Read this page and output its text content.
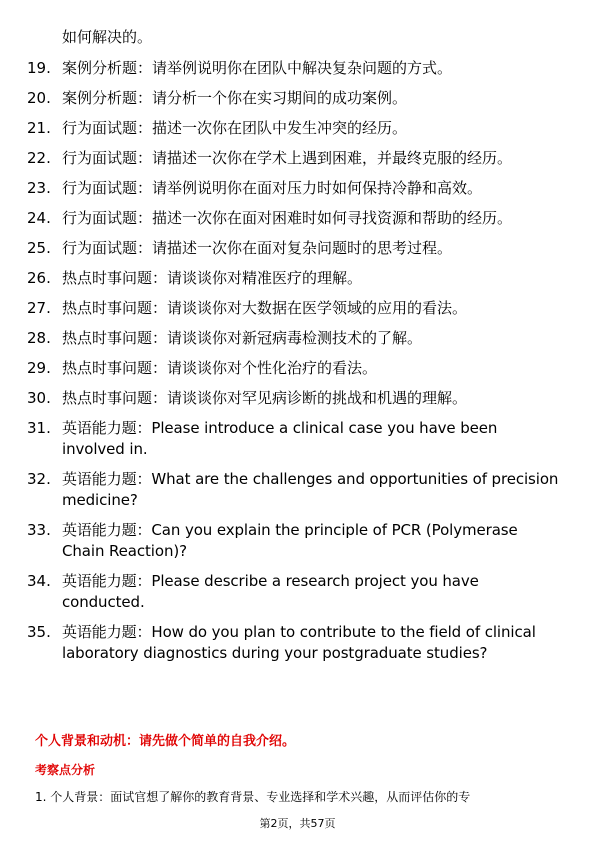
如何解决的。
19. 案例分析题：请举例说明你在团队中解决复杂问题的方式。
20. 案例分析题：请分析一个你在实习期间的成功案例。
21. 行为面试题：描述一次你在团队中发生冲突的经历。
22. 行为面试题：请描述一次你在学术上遇到困难，并最终克服的经历。
23. 行为面试题：请举例说明你在面对压力时如何保持冷静和高效。
24. 行为面试题：描述一次你在面对困难时如何寻找资源和帮助的经历。
25. 行为面试题：请描述一次你在面对复杂问题时的思考过程。
26. 热点时事问题：请谈谈你对精准医疗的理解。
27. 热点时事问题：请谈谈你对大数据在医学领域的应用的看法。
28. 热点时事问题：请谈谈你对新冠病毒检测技术的了解。
29. 热点时事问题：请谈谈你对个性化治疗的看法。
30. 热点时事问题：请谈谈你对罕见病诊断的挑战和机遇的理解。
31. 英语能力题：Please introduce a clinical case you have been involved in.
32. 英语能力题：What are the challenges and opportunities of precision medicine?
33. 英语能力题：Can you explain the principle of PCR (Polymerase Chain Reaction)?
34. 英语能力题：Please describe a research project you have conducted.
35. 英语能力题：How do you plan to contribute to the field of clinical laboratory diagnostics during your postgraduate studies?
个人背景和动机：请先做个简单的自我介绍。
考察点分析
1. 个人背景：面试官想了解你的教育背景、专业选择和学术兴趣，从而评估你的专
第2页，共57页
